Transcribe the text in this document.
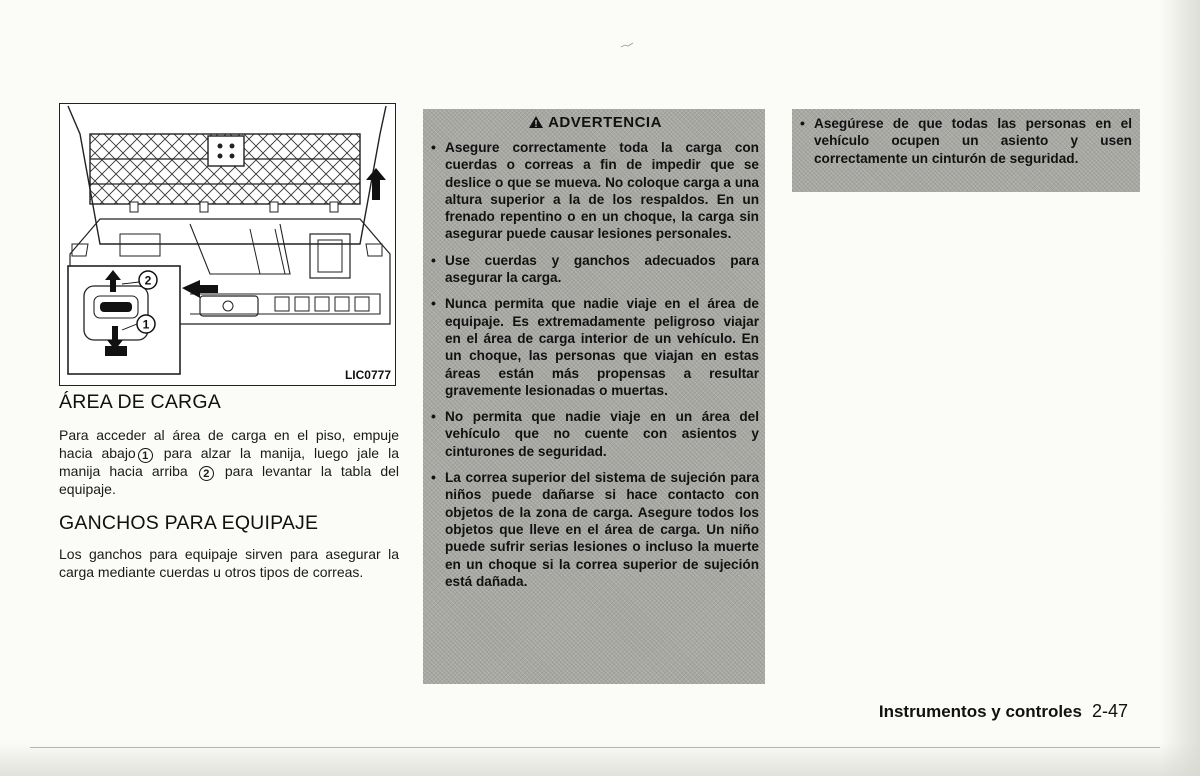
2
1
LIC0777
ÁREA DE CARGA

Para acceder al área de carga en el piso, empuje hacia abajo 1 para alzar la manija, luego jale la manija hacia arriba 2 para levantar la tabla del equipaje.

GANCHOS PARA EQUIPAJE

Los ganchos para equipaje sirven para asegurar la carga mediante cuerdas u otros tipos de correas.

ADVERTENCIA
• Asegure correctamente toda la carga con cuerdas o correas a fin de impedir que se deslice o que se mueva. No coloque carga a una altura superior a la de los respaldos. En un frenado repentino o en un choque, la carga sin asegurar puede causar lesiones personales.
• Use cuerdas y ganchos adecuados para asegurar la carga.
• Nunca permita que nadie viaje en el área de equipaje. Es extremadamente peligroso viajar en el área de carga interior de un vehículo. En un choque, las personas que viajan en estas áreas están más propensas a resultar gravemente lesionadas o muertas.
• No permita que nadie viaje en un área del vehículo que no cuente con asientos y cinturones de seguridad.
• La correa superior del sistema de sujeción para niños puede dañarse si hace contacto con objetos de la zona de carga. Asegure todos los objetos que lleve en el área de carga. Un niño puede sufrir serias lesiones o incluso la muerte en un choque si la correa superior de sujeción está dañada.
• Asegúrese de que todas las personas en el vehículo ocupen un asiento y usen correctamente un cinturón de seguridad.
Instrumentos y controles 2-47
